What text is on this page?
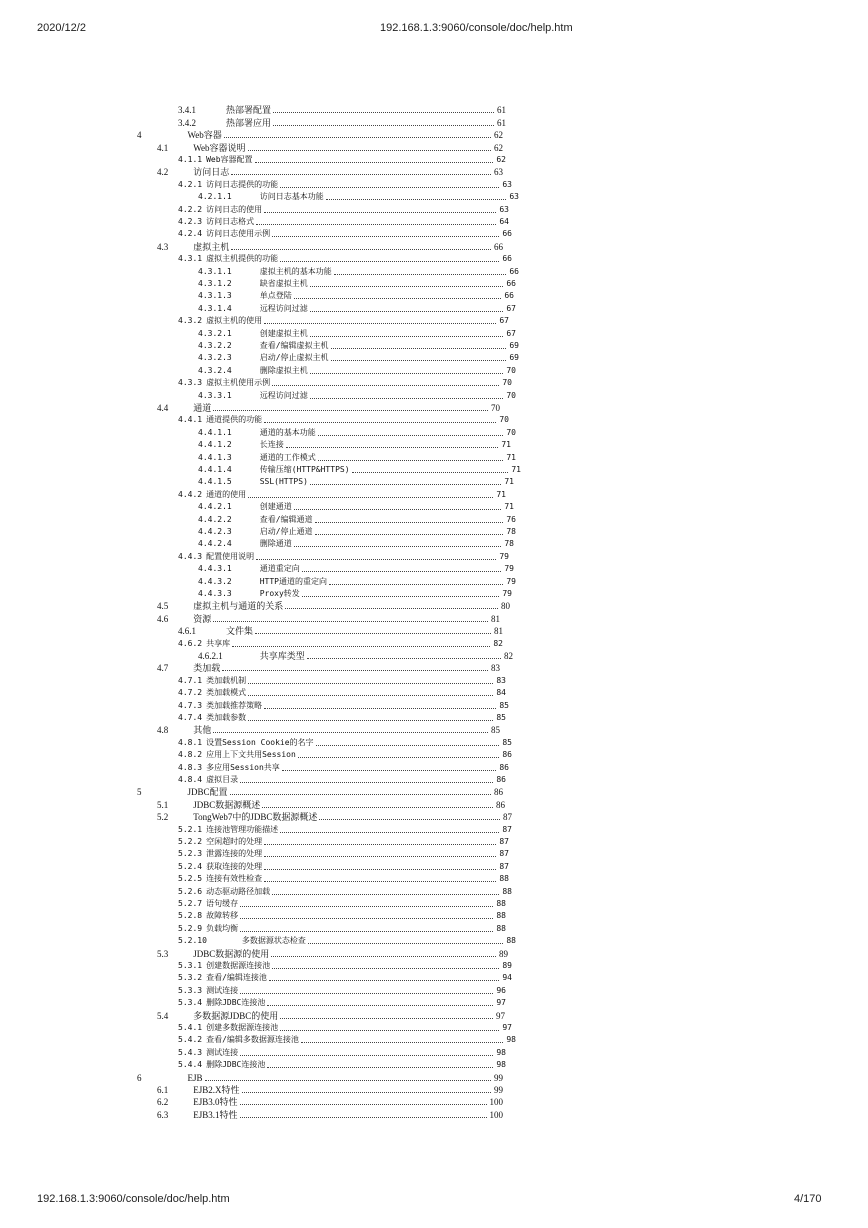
2020/12/2	192.168.1.3:9060/console/doc/help.htm
3.4.1	热部署配置	61
3.4.2	热部署应用	61
4	Web容器	62
4.1	Web容器说明	62
4.1.1 Web容器配置	62
4.2	访问日志	63
4.2.1 访问日志提供的功能	63
4.2.1.1	访问日志基本功能	63
4.2.2 访问日志的使用	63
4.2.3 访问日志格式	64
4.2.4 访问日志使用示例	66
4.3	虚拟主机	66
4.3.1 虚拟主机提供的功能	66
4.3.1.1	虚拟主机的基本功能	66
4.3.1.2	缺省虚拟主机	66
4.3.1.3	单点登陆	66
4.3.1.4	远程访问过滤	67
4.3.2 虚拟主机的使用	67
4.3.2.1	创建虚拟主机	67
4.3.2.2	查看/编辑虚拟主机	69
4.3.2.3	启动/停止虚拟主机	69
4.3.2.4	删除虚拟主机	70
4.3.3 虚拟主机使用示例	70
4.3.3.1	远程访问过滤	70
4.4	通道	70
4.4.1 通道提供的功能	70
4.4.1.1	通道的基本功能	70
4.4.1.2	长连接	71
4.4.1.3	通道的工作模式	71
4.4.1.4	传输压缩(HTTP&HTTPS)	71
4.4.1.5	SSL(HTTPS)	71
4.4.2 通道的使用	71
4.4.2.1	创建通道	71
4.4.2.2	查看/编辑通道	76
4.4.2.3	启动/停止通道	78
4.4.2.4	删除通道	78
4.4.3 配置使用说明	79
4.4.3.1	通道重定向	79
4.4.3.2	HTTP通道的重定向	79
4.4.3.3	Proxy转发	79
4.5	虚拟主机与通道的关系	80
4.6	资源	81
4.6.1	文件集	81
4.6.2 共享库	82
4.6.2.1	共享库类型	82
4.7	类加载	83
4.7.1 类加载机制	83
4.7.2 类加载模式	84
4.7.3 类加载推荐策略	85
4.7.4 类加载参数	85
4.8	其他	85
4.8.1 设置Session Cookie的名字	85
4.8.2 应用上下文共用Session	86
4.8.3 多应用Session共享	86
4.8.4 虚拟目录	86
5	JDBC配置	86
5.1	JDBC数据源概述	86
5.2	TongWeb7中的JDBC数据源概述	87
5.2.1 连接池管理功能描述	87
5.2.2 空闲超时的处理	87
5.2.3 泄露连接的处理	87
5.2.4 获取连接的处理	87
5.2.5 连接有效性检查	88
5.2.6 动态驱动路径加载	88
5.2.7 语句缓存	88
5.2.8 故障转移	88
5.2.9 负载均衡	88
5.2.10	多数据源状态检查	88
5.3	JDBC数据源的使用	89
5.3.1 创建数据源连接池	89
5.3.2 查看/编辑连接池	94
5.3.3 测试连接	96
5.3.4 删除JDBC连接池	97
5.4	多数据源JDBC的使用	97
5.4.1 创建多数据源连接池	97
5.4.2 查看/编辑多数据源连接池	98
5.4.3 测试连接	98
5.4.4 删除JDBC连接池	98
6	EJB	99
6.1	EJB2.X特性	99
6.2	EJB3.0特性	100
6.3	EJB3.1特性	100
192.168.1.3:9060/console/doc/help.htm	4/170
